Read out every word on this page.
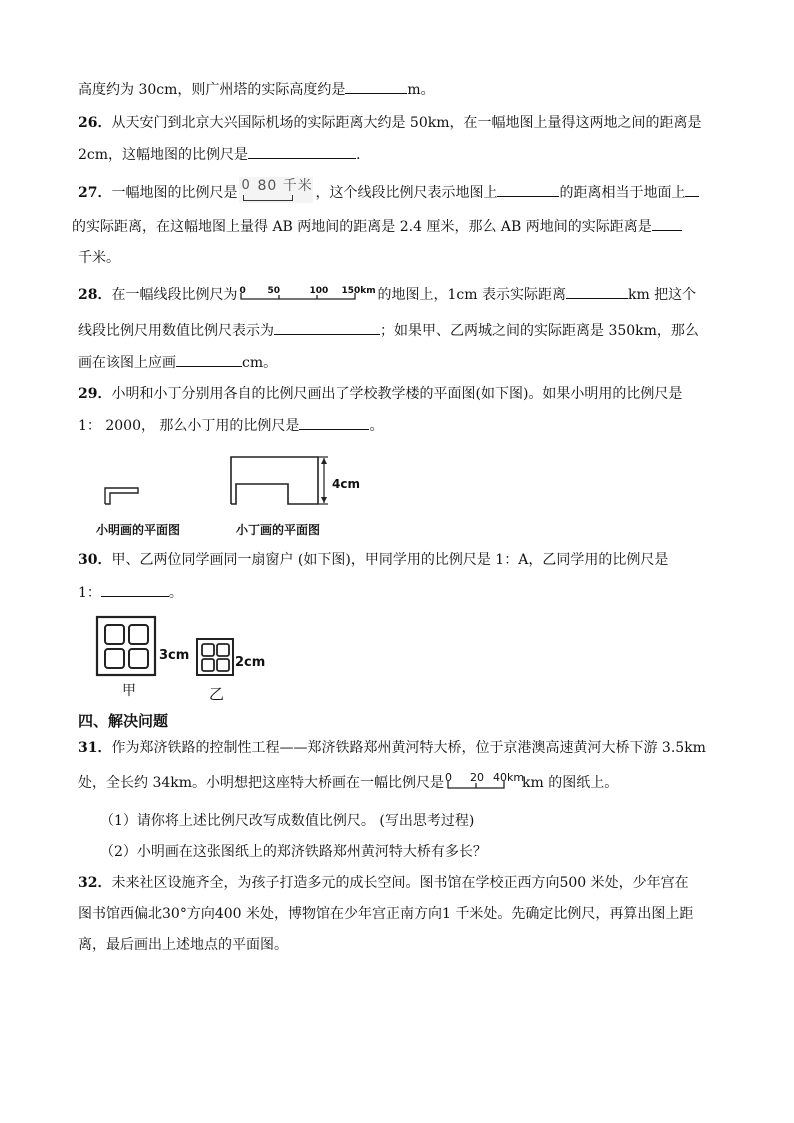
高度约为 30cm，则广州塔的实际高度约是	m。
26．从天安门到北京大兴国际机场的实际距离大约是 50km，在一幅地图上量得这两地之间的距离是
2cm，这幅地图的比例尺是	.
27．一幅地图的比例尺是 0 80 千米 ，这个线段比例尺表示地图上	的距离相当于地面上
的实际距离，在这幅地图上量得 AB 两地间的距离是 2.4 厘米，那么 AB 两地间的实际距离是
千米。
28．在一幅线段比例尺为 0 50	100 150km 的地图上，1cm 表示实际距离	km 把这个
线段比例尺用数值比例尺表示为	；如果甲、乙两城之间的实际距离是 350km，那么
画在该图上应画	cm。
29．小明和小丁分别用各自的比例尺画出了学校教学楼的平面图(如下图)。如果小明用的比例尺是
1： 2000， 那么小丁用的比例尺是	。
4cm
小明画的平面图	小丁画的平面图
30．甲、乙两位同学画同一扇窗户 (如下图)，甲同学用的比例尺是 1：A，乙同学用的比例尺是
1：	。
3cm	2cm
甲	乙
四、解决问题
31．作为郑济铁路的控制性工程——郑济铁路郑州黄河特大桥，位于京港澳高速黄河大桥下游 3.5km
处，全长约 34km。小明想把这座特大桥画在一幅比例尺是 0 20 40km
km 的图纸上。
（1）请你将上述比例尺改写成数值比例尺。 (写出思考过程)
（2）小明画在这张图纸上的郑济铁路郑州黄河特大桥有多长？
32．未来社区设施齐全，为孩子打造多元的成长空间。图书馆在学校正西方向500 米处，少年宫在
图书馆西偏北30°方向400 米处，博物馆在少年宫正南方向1 千米处。先确定比例尺，再算出图上距
离，最后画出上述地点的平面图。
